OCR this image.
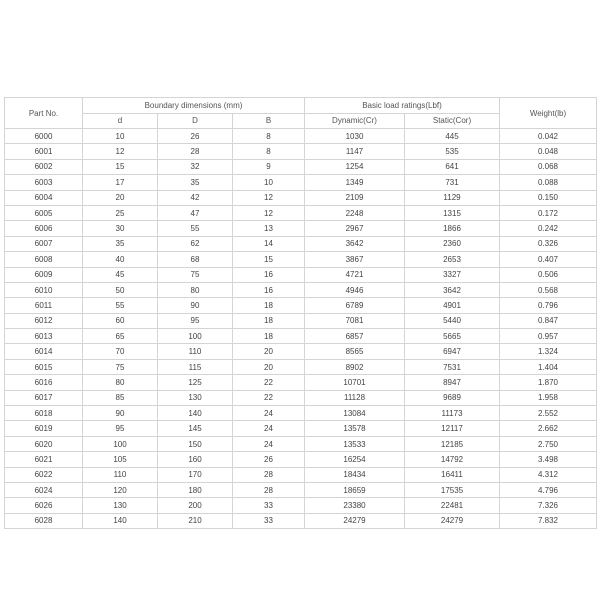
Part No.	Boundary dimensions (mm)			Basic load ratings(Lbf)		Weight(lb)
	d	D	B	Dynamic(Cr)	Static(Cor)	
6000	10	26	8	1030	445	0.042
6001	12	28	8	1147	535	0.048
6002	15	32	9	1254	641	0.068
6003	17	35	10	1349	731	0.088
6004	20	42	12	2109	1129	0.150
6005	25	47	12	2248	1315	0.172
6006	30	55	13	2967	1866	0.242
6007	35	62	14	3642	2360	0.326
6008	40	68	15	3867	2653	0.407
6009	45	75	16	4721	3327	0.506
6010	50	80	16	4946	3642	0.568
6011	55	90	18	6789	4901	0.796
6012	60	95	18	7081	5440	0.847
6013	65	100	18	6857	5665	0.957
6014	70	110	20	8565	6947	1.324
6015	75	115	20	8902	7531	1.404
6016	80	125	22	10701	8947	1.870
6017	85	130	22	11128	9689	1.958
6018	90	140	24	13084	11173	2.552
6019	95	145	24	13578	12117	2.662
6020	100	150	24	13533	12185	2.750
6021	105	160	26	16254	14792	3.498
6022	110	170	28	18434	16411	4.312
6024	120	180	28	18659	17535	4.796
6026	130	200	33	23380	22481	7.326
6028	140	210	33	24279	24279	7.832
